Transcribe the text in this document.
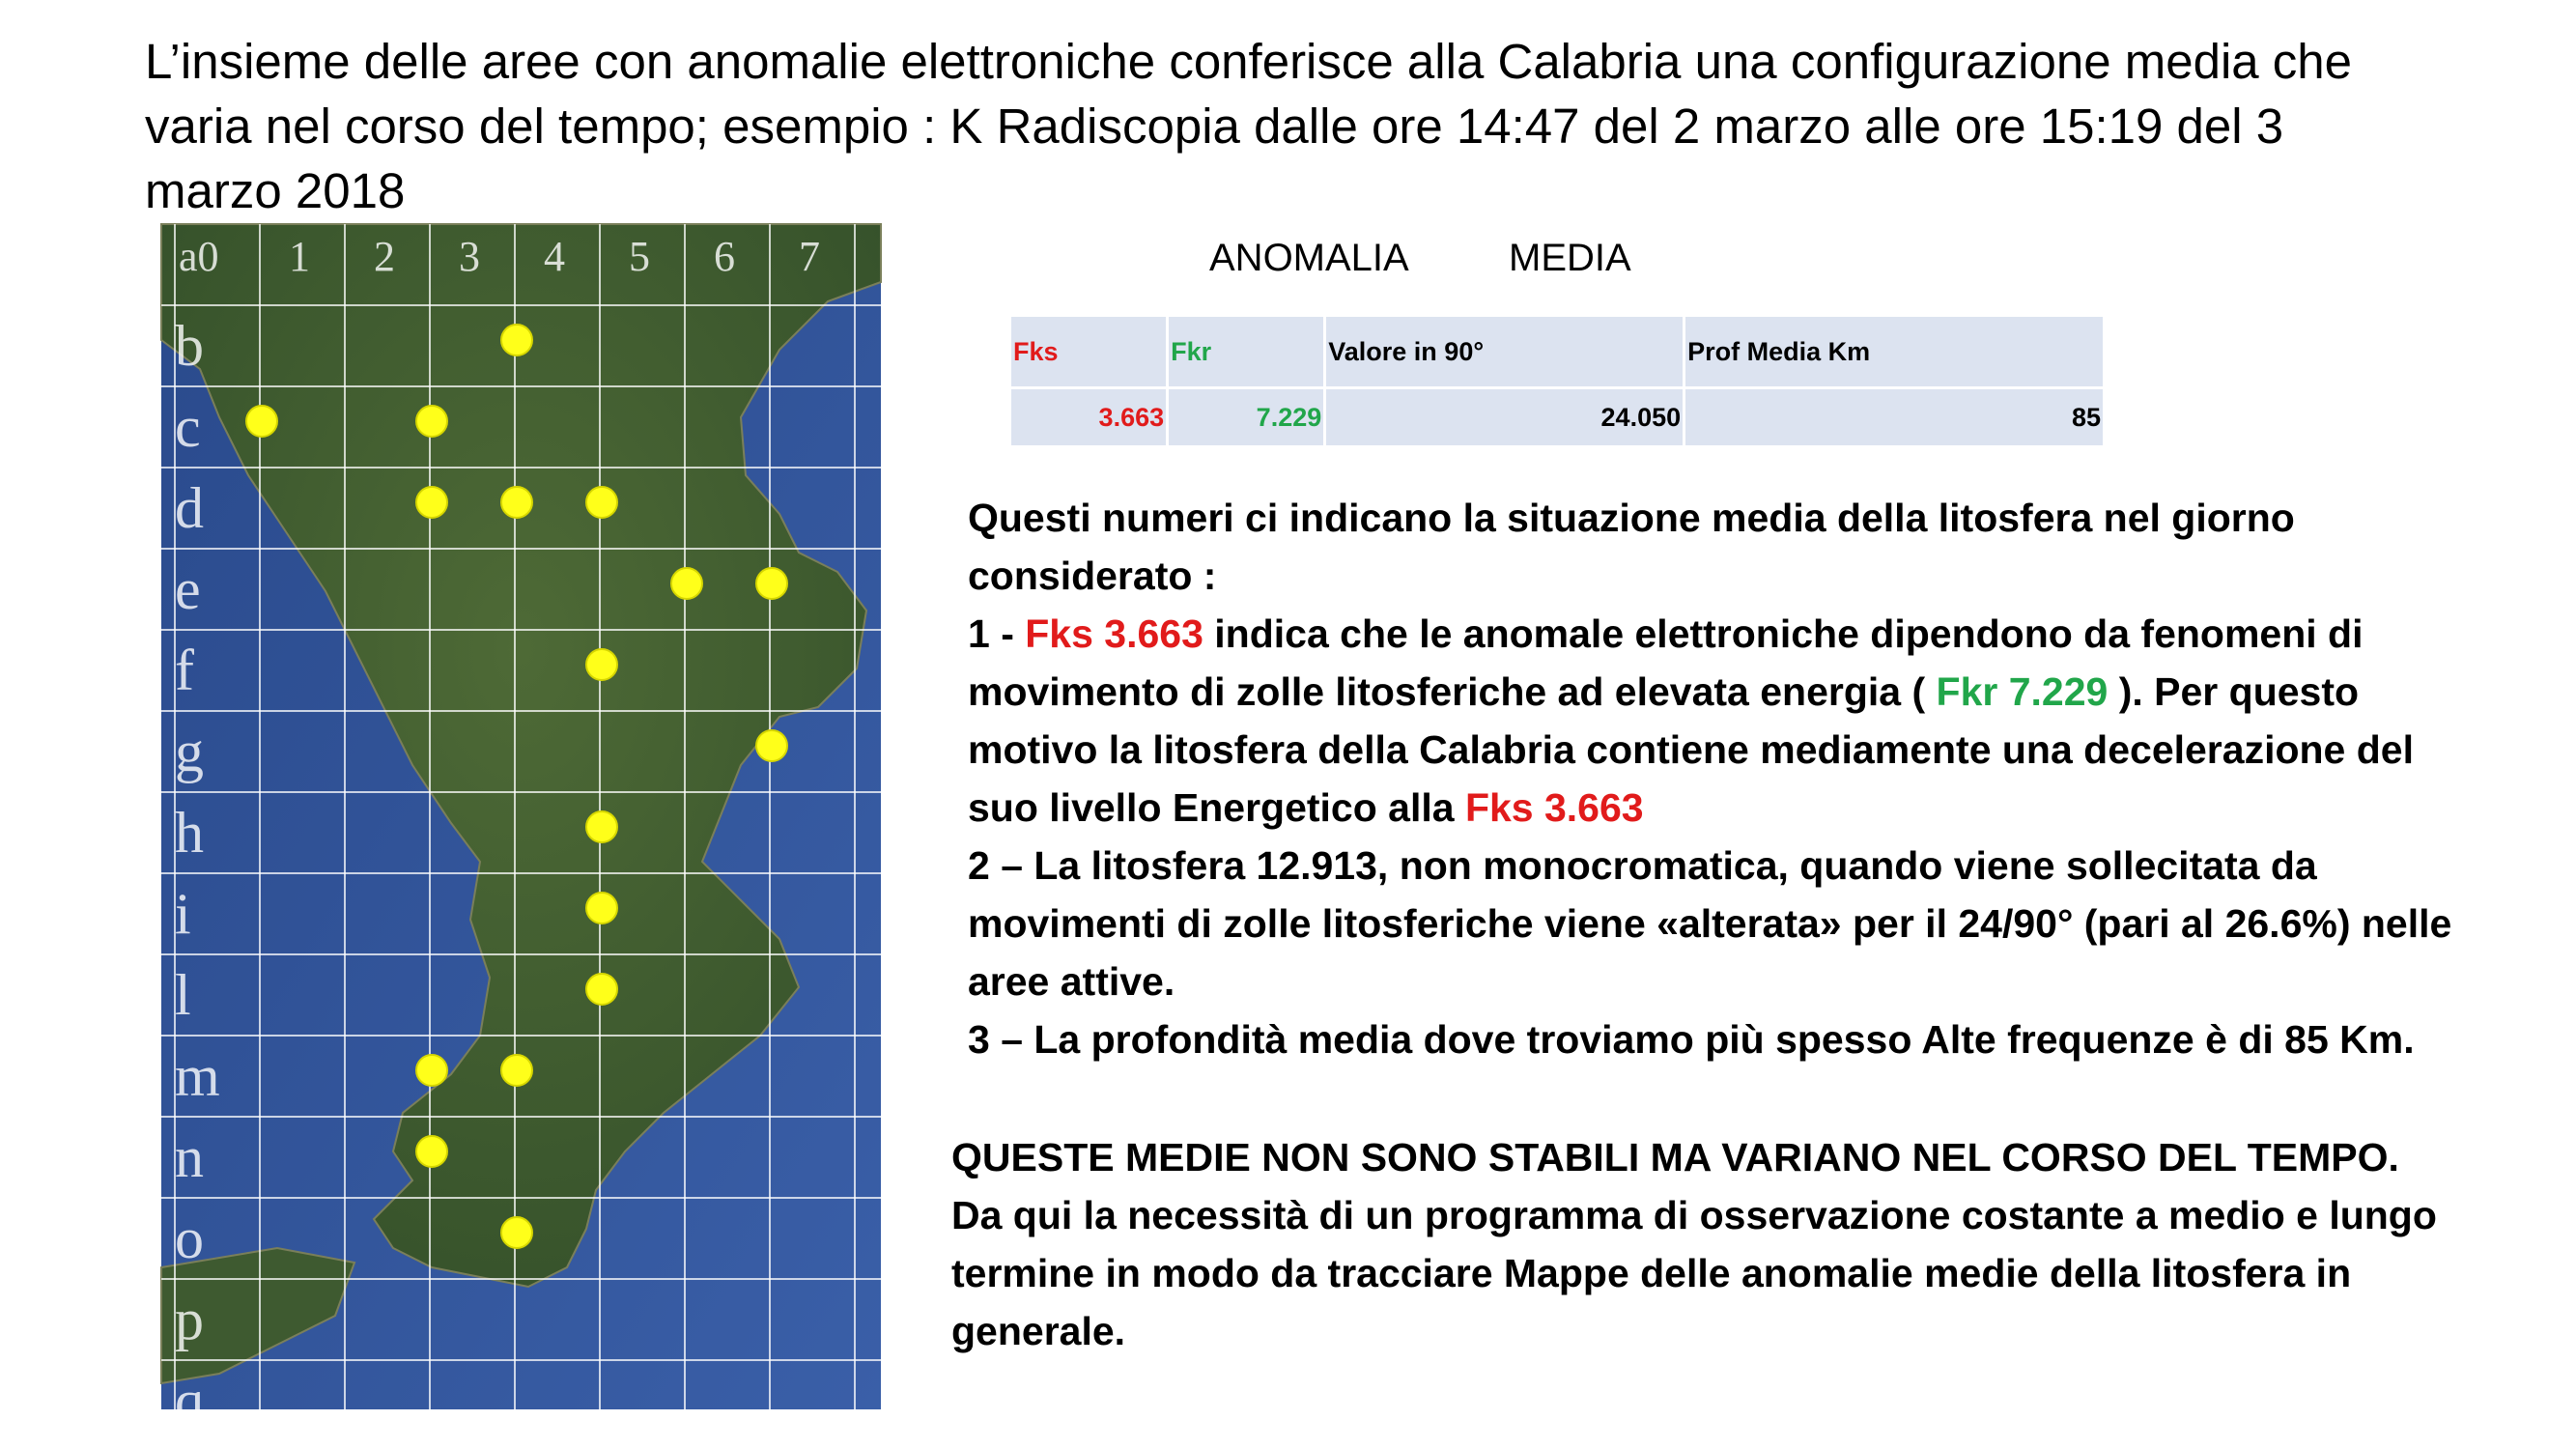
L’insieme delle aree con anomalie elettroniche conferisce alla Calabria una configurazione media che varia nel corso del tempo; esempio : K Radiscopia dalle ore 14:47 del 2 marzo alle ore 15:19 del 3 marzo 2018
a0 1 2 3 4 5 6 7 8
b
c
d
e
f
g
h
i
l
m
n
o
p
q
ANOMALIA	MEDIA
Fks	Fkr	Valore in 90°	Prof Media Km
3.663	7.229	24.050	85

Questi numeri ci indicano la situazione media della litosfera nel giorno considerato :

1 - Fks 3.663 indica che le anomale elettroniche dipendono da fenomeni di movimento di zolle litosferiche ad elevata energia ( Fkr 7.229 ). Per questo motivo la litosfera della Calabria contiene mediamente una decelerazione del suo livello Energetico alla Fks 3.663

2 – La litosfera 12.913, non monocromatica, quando viene sollecitata da movimenti di zolle litosferiche viene «alterata» per il 24/90° (pari al 26.6%) nelle aree attive.

3 – La profondità media dove troviamo più spesso Alte frequenze è di 85 Km.

QUESTE MEDIE NON SONO STABILI MA VARIANO NEL CORSO DEL TEMPO.

Da qui la necessità di un programma di osservazione costante a medio e lungo termine in modo da tracciare Mappe delle anomalie medie della litosfera in generale.
